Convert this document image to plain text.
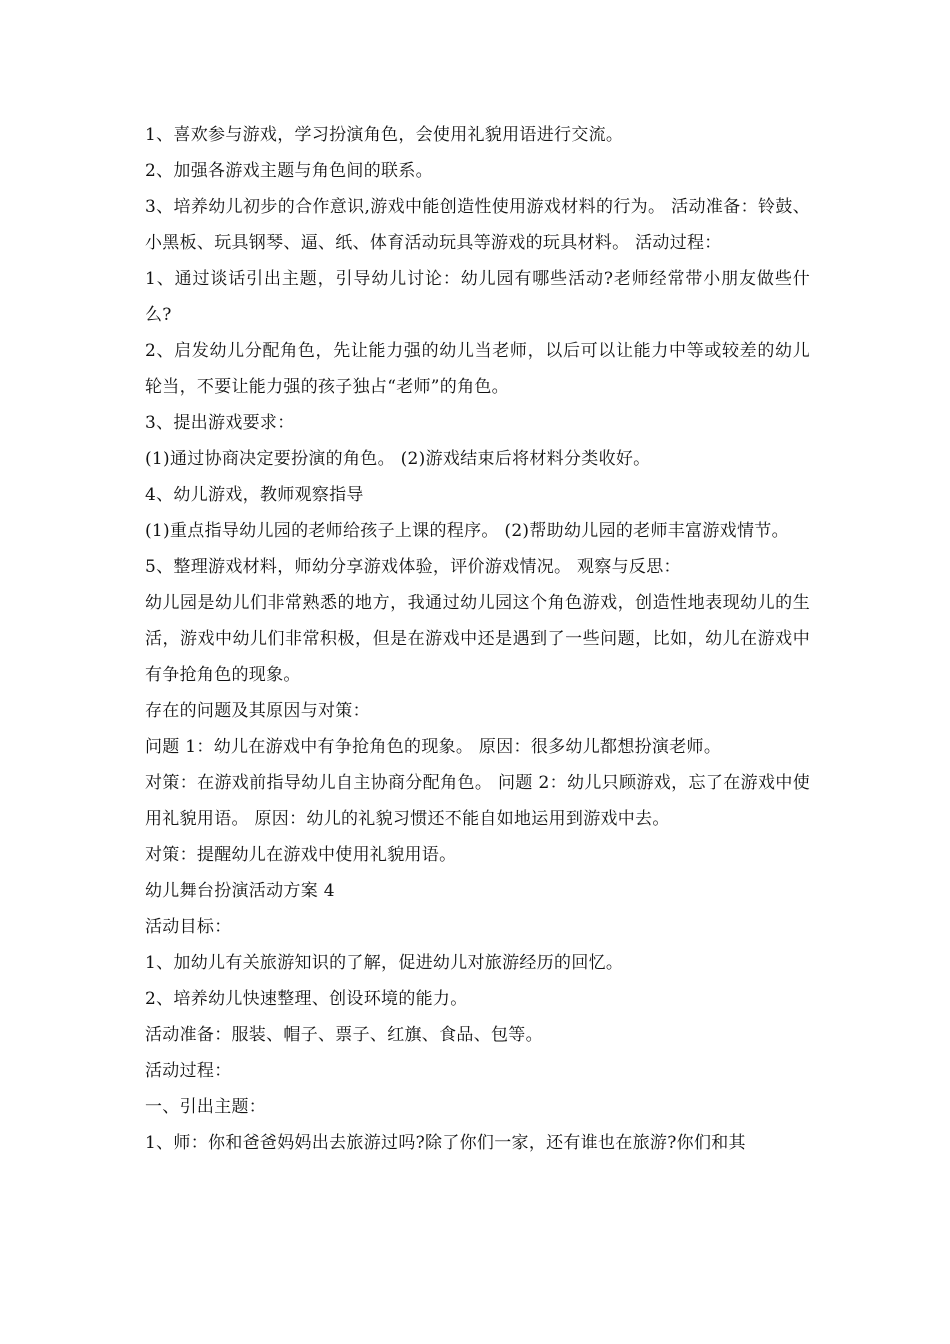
1、喜欢参与游戏，学习扮演角色，会使用礼貌用语进行交流。

2、加强各游戏主题与角色间的联系。

3、培养幼儿初步的合作意识,游戏中能创造性使用游戏材料的行为。 活动准备：铃鼓、小黑板、玩具钢琴、逼、纸、体育活动玩具等游戏的玩具材料。 活动过程：

1、通过谈话引出主题，引导幼儿讨论：幼儿园有哪些活动?老师经常带小朋友做些什么?

2、启发幼儿分配角色，先让能力强的幼儿当老师，以后可以让能力中等或较差的幼儿轮当，不要让能力强的孩子独占“老师”的角色。

3、提出游戏要求：

(1)通过协商决定要扮演的角色。 (2)游戏结束后将材料分类收好。

4、幼儿游戏，教师观察指导

(1)重点指导幼儿园的老师给孩子上课的程序。 (2)帮助幼儿园的老师丰富游戏情节。

5、整理游戏材料，师幼分享游戏体验，评价游戏情况。 观察与反思：

幼儿园是幼儿们非常熟悉的地方，我通过幼儿园这个角色游戏，创造性地表现幼儿的生活，游戏中幼儿们非常积极，但是在游戏中还是遇到了一些问题，比如，幼儿在游戏中有争抢角色的现象。

存在的问题及其原因与对策：

问题 1：幼儿在游戏中有争抢角色的现象。 原因：很多幼儿都想扮演老师。

对策：在游戏前指导幼儿自主协商分配角色。 问题 2：幼儿只顾游戏，忘了在游戏中使用礼貌用语。 原因：幼儿的礼貌习惯还不能自如地运用到游戏中去。

对策：提醒幼儿在游戏中使用礼貌用语。

幼儿舞台扮演活动方案 4

活动目标：

1、加幼儿有关旅游知识的了解，促进幼儿对旅游经历的回忆。

2、培养幼儿快速整理、创设环境的能力。

活动准备：服装、帽子、票子、红旗、食品、包等。

活动过程：

一、引出主题：

1、师：你和爸爸妈妈出去旅游过吗?除了你们一家，还有谁也在旅游?你们和其
